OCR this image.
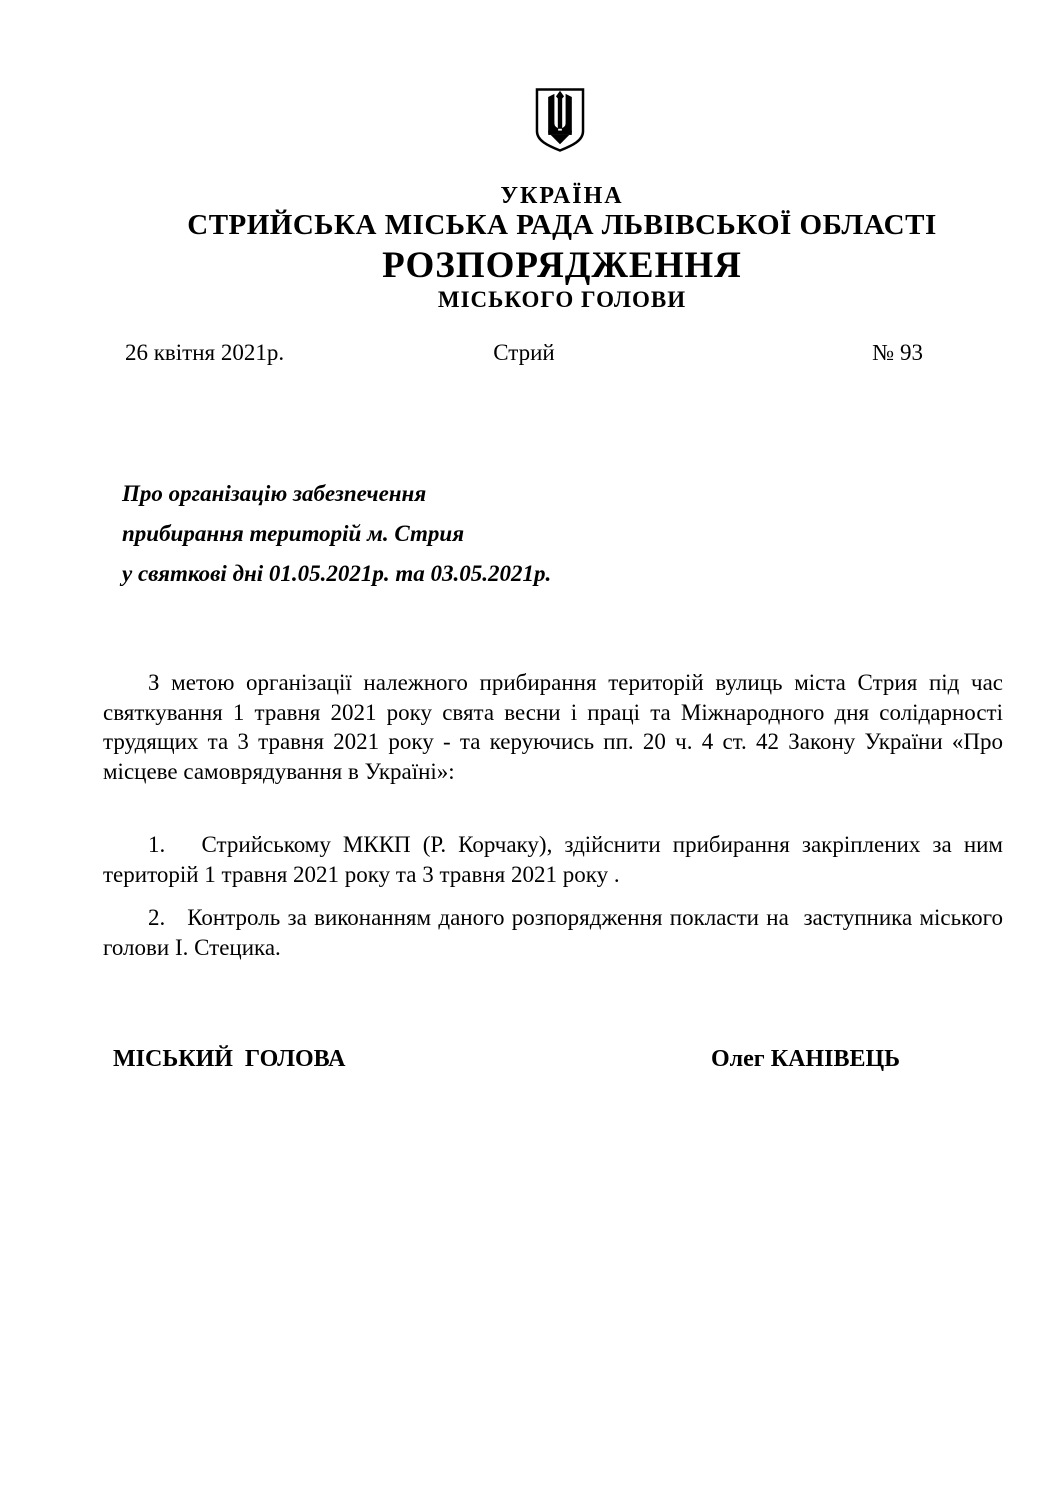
УКРАЇНА
СТРИЙСЬКА МІСЬКА РАДА ЛЬВІВСЬКОЇ ОБЛАСТІ
РОЗПОРЯДЖЕННЯ
МІСЬКОГО ГОЛОВИ
26 квітня 2021р.	Стрий	№ 93
Про організацію забезпечення
прибирання територій м. Стрия
у святкові дні 01.05.2021р. та 03.05.2021р.

З метою організації належного прибирання територій вулиць міста Стрия під час святкування 1 травня 2021 року свята весни і праці та Міжнародного дня солідарності трудящих та 3 травня 2021 року - та керуючись пп. 20 ч. 4 ст. 42 Закону України «Про місцеве самоврядування в Україні»:

1.   Стрийському МККП (Р. Корчаку), здійснити прибирання закріплених за ним територій 1 травня 2021 року та 3 травня 2021 року .

2.   Контроль за виконанням даного розпорядження покласти на  заступника міського голови І. Стецика.

МІСЬКИЙ  ГОЛОВА	Олег КАНІВЕЦЬ
